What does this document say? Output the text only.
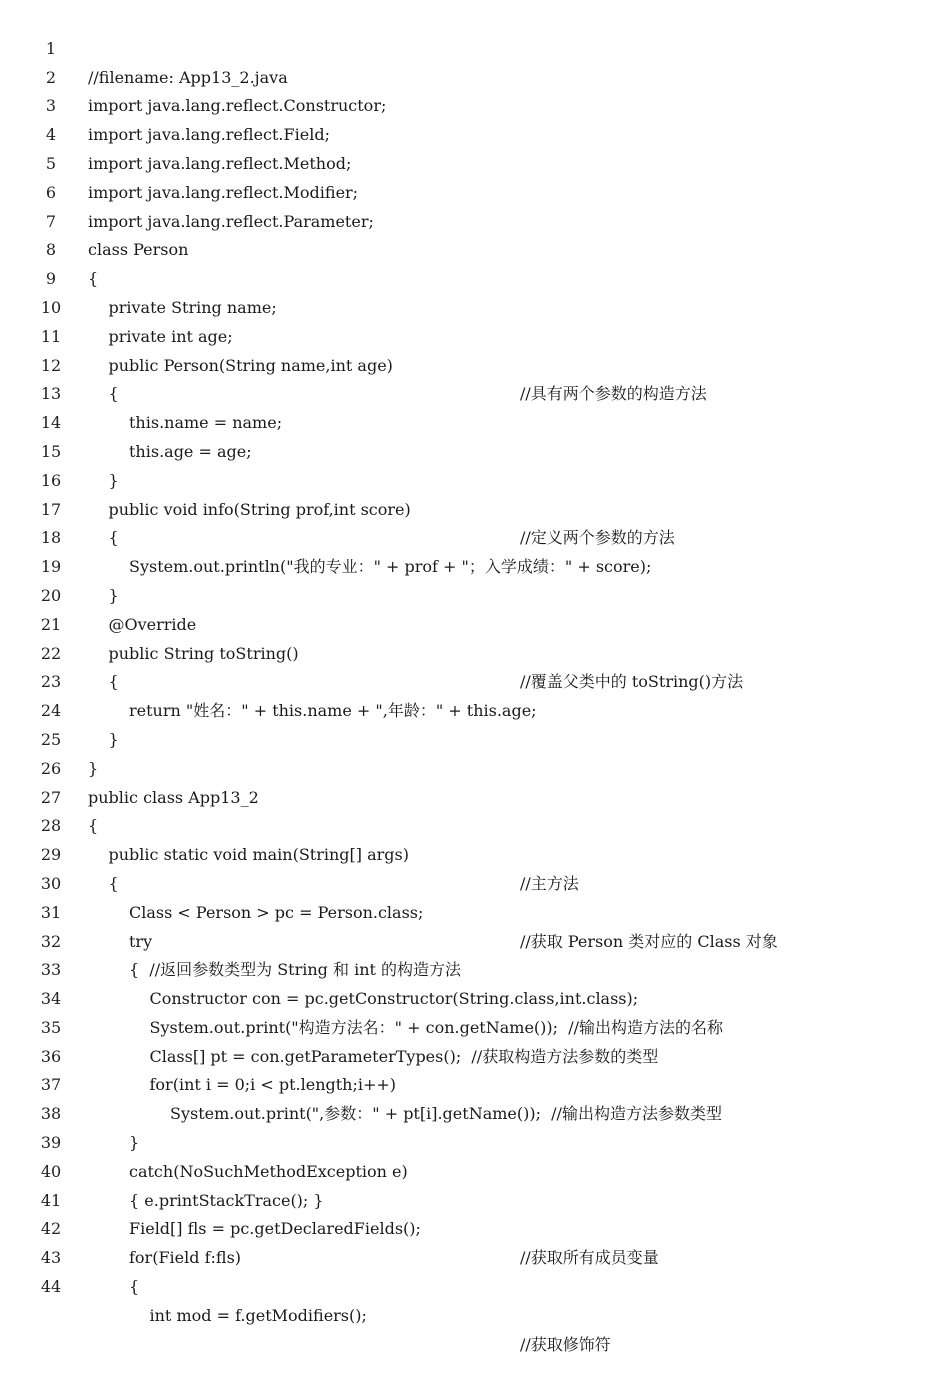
1

//filename: App13_2.java

2

import java.lang.reflect.Constructor;

3

import java.lang.reflect.Field;

4

import java.lang.reflect.Method;

5

import java.lang.reflect.Modifier;

6

import java.lang.reflect.Parameter;

7

class Person

8

{

9

private String name;

10

private int age;

11

public Person(String name,int age)

//具有两个参数的构造方法

12

{

13

this.name = name;

14

this.age = age;

15

}

16

public void info(String prof,int score)

//定义两个参数的方法

17

{

18

System.out.println("我的专业：" + prof + "；入学成绩：" + score);

19

}

20

@Override

21

public String toString()

//覆盖父类中的 toString()方法

22

{

23

return "姓名：" + this.name + ",年龄：" + this.age;

24

}

25

}

26

public class App13_2

27

{

28

public static void main(String[] args)

//主方法

29

{

30

Class < Person > pc = Person.class;

//获取 Person 类对应的 Class 对象

31

try

32

{  //返回参数类型为 String 和 int 的构造方法

33

Constructor con = pc.getConstructor(String.class,int.class);

34

System.out.print("构造方法名：" + con.getName());  //输出构造方法的名称

35

Class[] pt = con.getParameterTypes();  //获取构造方法参数的类型

36

for(int i = 0;i < pt.length;i++)

37

System.out.print(",参数：" + pt[i].getName());  //输出构造方法参数类型

38

}

39

catch(NoSuchMethodException e)

40

{ e.printStackTrace(); }

41

Field[] fls = pc.getDeclaredFields();

//获取所有成员变量

42

for(Field f:fls)

43

{

44

int mod = f.getModifiers();

//获取修饰符
